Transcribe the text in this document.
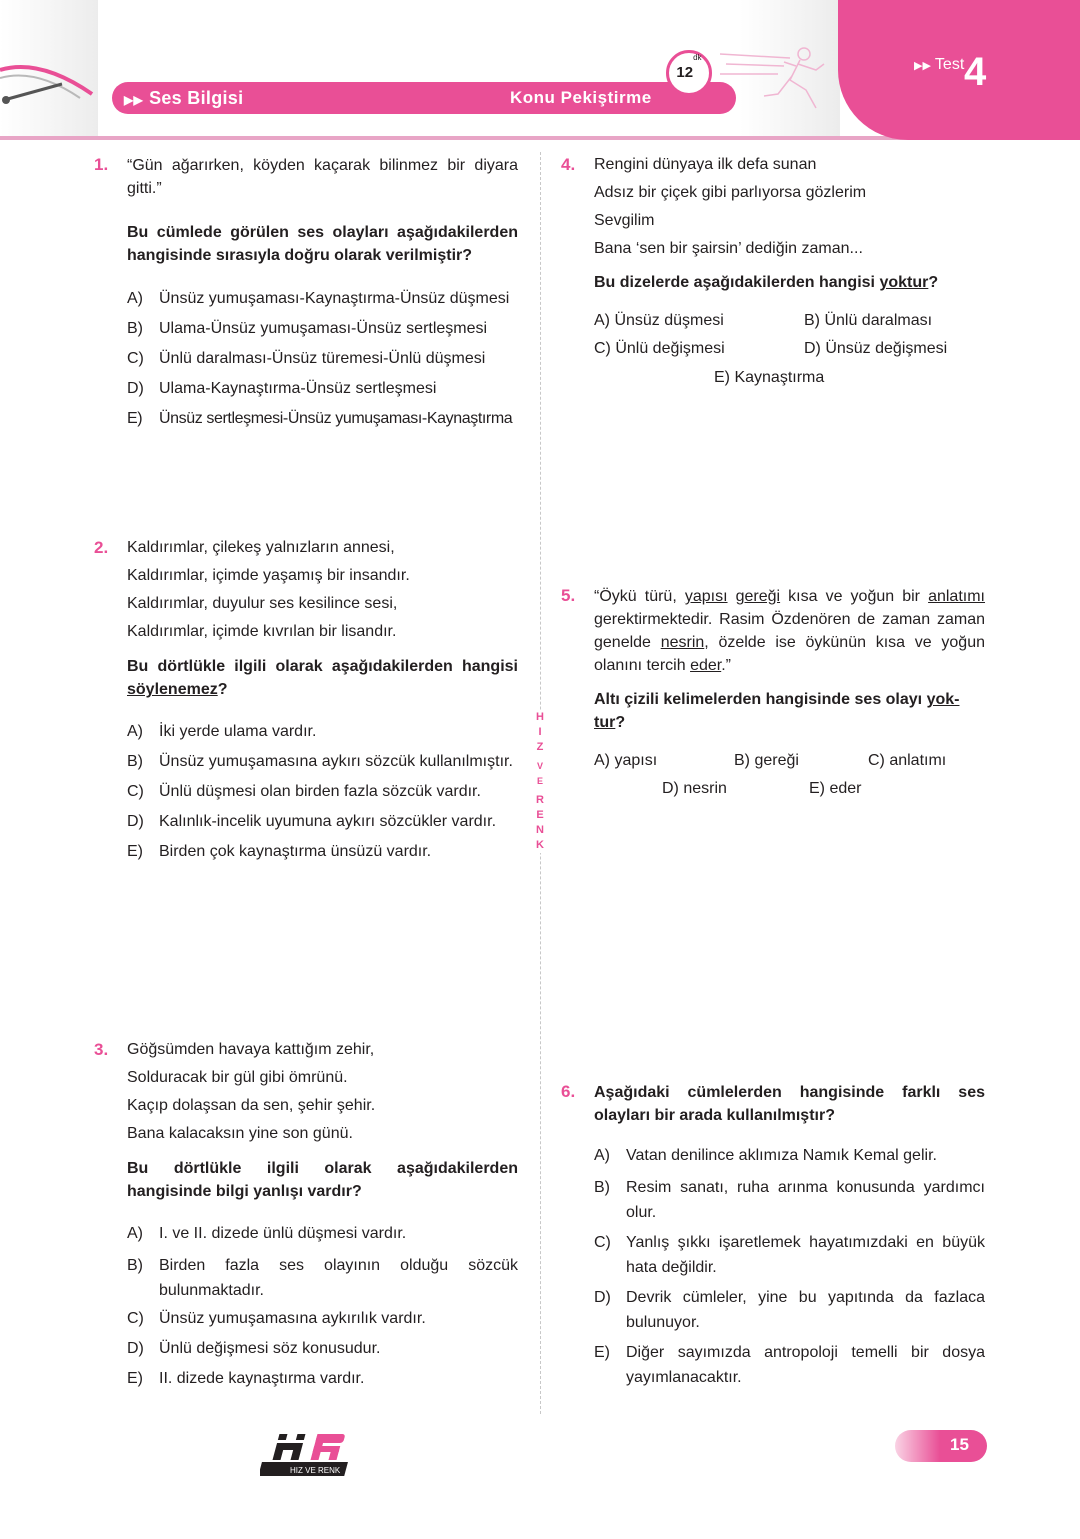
▶▶ Ses Bilgisi	Konu Pekiştirme
$12^{dk}$
▶▶ Test 4
H
I
Z
V
E
R
E
N
K
1. “Gün ağarırken, köyden kaçarak bilinmez bir diyara gitti.”
Bu cümlede görülen ses olayları aşağıdakilerden hangisinde sırasıyla doğru olarak verilmiştir?
A) Ünsüz yumuşaması-Kaynaştırma-Ünsüz düşmesi
B) Ulama-Ünsüz yumuşaması-Ünsüz sertleşmesi
C) Ünlü daralması-Ünsüz türemesi-Ünlü düşmesi
D) Ulama-Kaynaştırma-Ünsüz sertleşmesi
E) Ünsüz sertleşmesi-Ünsüz yumuşaması-Kaynaştırma
2. Kaldırımlar, çilekeş yalnızların annesi,
Kaldırımlar, içimde yaşamış bir insandır.
Kaldırımlar, duyulur ses kesilince sesi,
Kaldırımlar, içimde kıvrılan bir lisandır.
Bu dörtlükle ilgili olarak aşağıdakilerden hangisi söylenemez?
A) İki yerde ulama vardır.
B) Ünsüz yumuşamasına aykırı sözcük kullanılmıştır.
C) Ünlü düşmesi olan birden fazla sözcük vardır.
D) Kalınlık-incelik uyumuna aykırı sözcükler vardır.
E) Birden çok kaynaştırma ünsüzü vardır.
3. Göğsümden havaya kattığım zehir,
Solduracak bir gül gibi ömrünü.
Kaçıp dolaşsan da sen, şehir şehir.
Bana kalacaksın yine son günü.
Bu dörtlükle ilgili olarak aşağıdakilerden hangisinde bilgi yanlışı vardır?
A) I. ve II. dizede ünlü düşmesi vardır.
B) Birden fazla ses olayının olduğu sözcük bulunmaktadır.
C) Ünsüz yumuşamasına aykırılık vardır.
D) Ünlü değişmesi söz konusudur.
E) II. dizede kaynaştırma vardır.
4. Rengini dünyaya ilk defa sunan
Adsız bir çiçek gibi parlıyorsa gözlerim
Sevgilim
Bana ‘sen bir şairsin’ dediğin zaman...
Bu dizelerde aşağıdakilerden hangisi yoktur?
A) Ünsüz düşmesi	B) Ünlü daralması
C) Ünlü değişmesi	D) Ünsüz değişmesi
E) Kaynaştırma
5. “Öykü türü, yapısı gereği kısa ve yoğun bir anlatımı gerektirmektedir. Rasim Özdenören de zaman zaman genelde nesrin, özelde ise öykünün kısa ve yoğun olanını tercih eder.”
Altı çizili kelimelerden hangisinde ses olayı yok-
tur?
A) yapısı	B) gereği	C) anlatımı
D) nesrin	E) eder
6. Aşağıdaki cümlelerden hangisinde farklı ses olayları bir arada kullanılmıştır?
A) Vatan denilince aklımıza Namık Kemal gelir.
B) Resim sanatı, ruha arınma konusunda yardımcı olur.
C) Yanlış şıkkı işaretlemek hayatımızdaki en büyük hata değildir.
D) Devrik cümleler, yine bu yapıtında da fazlaca bulunuyor.
E) Diğer sayımızda antropoloji temelli bir dosya yayımlanacaktır.
HIZ VE RENK
15
